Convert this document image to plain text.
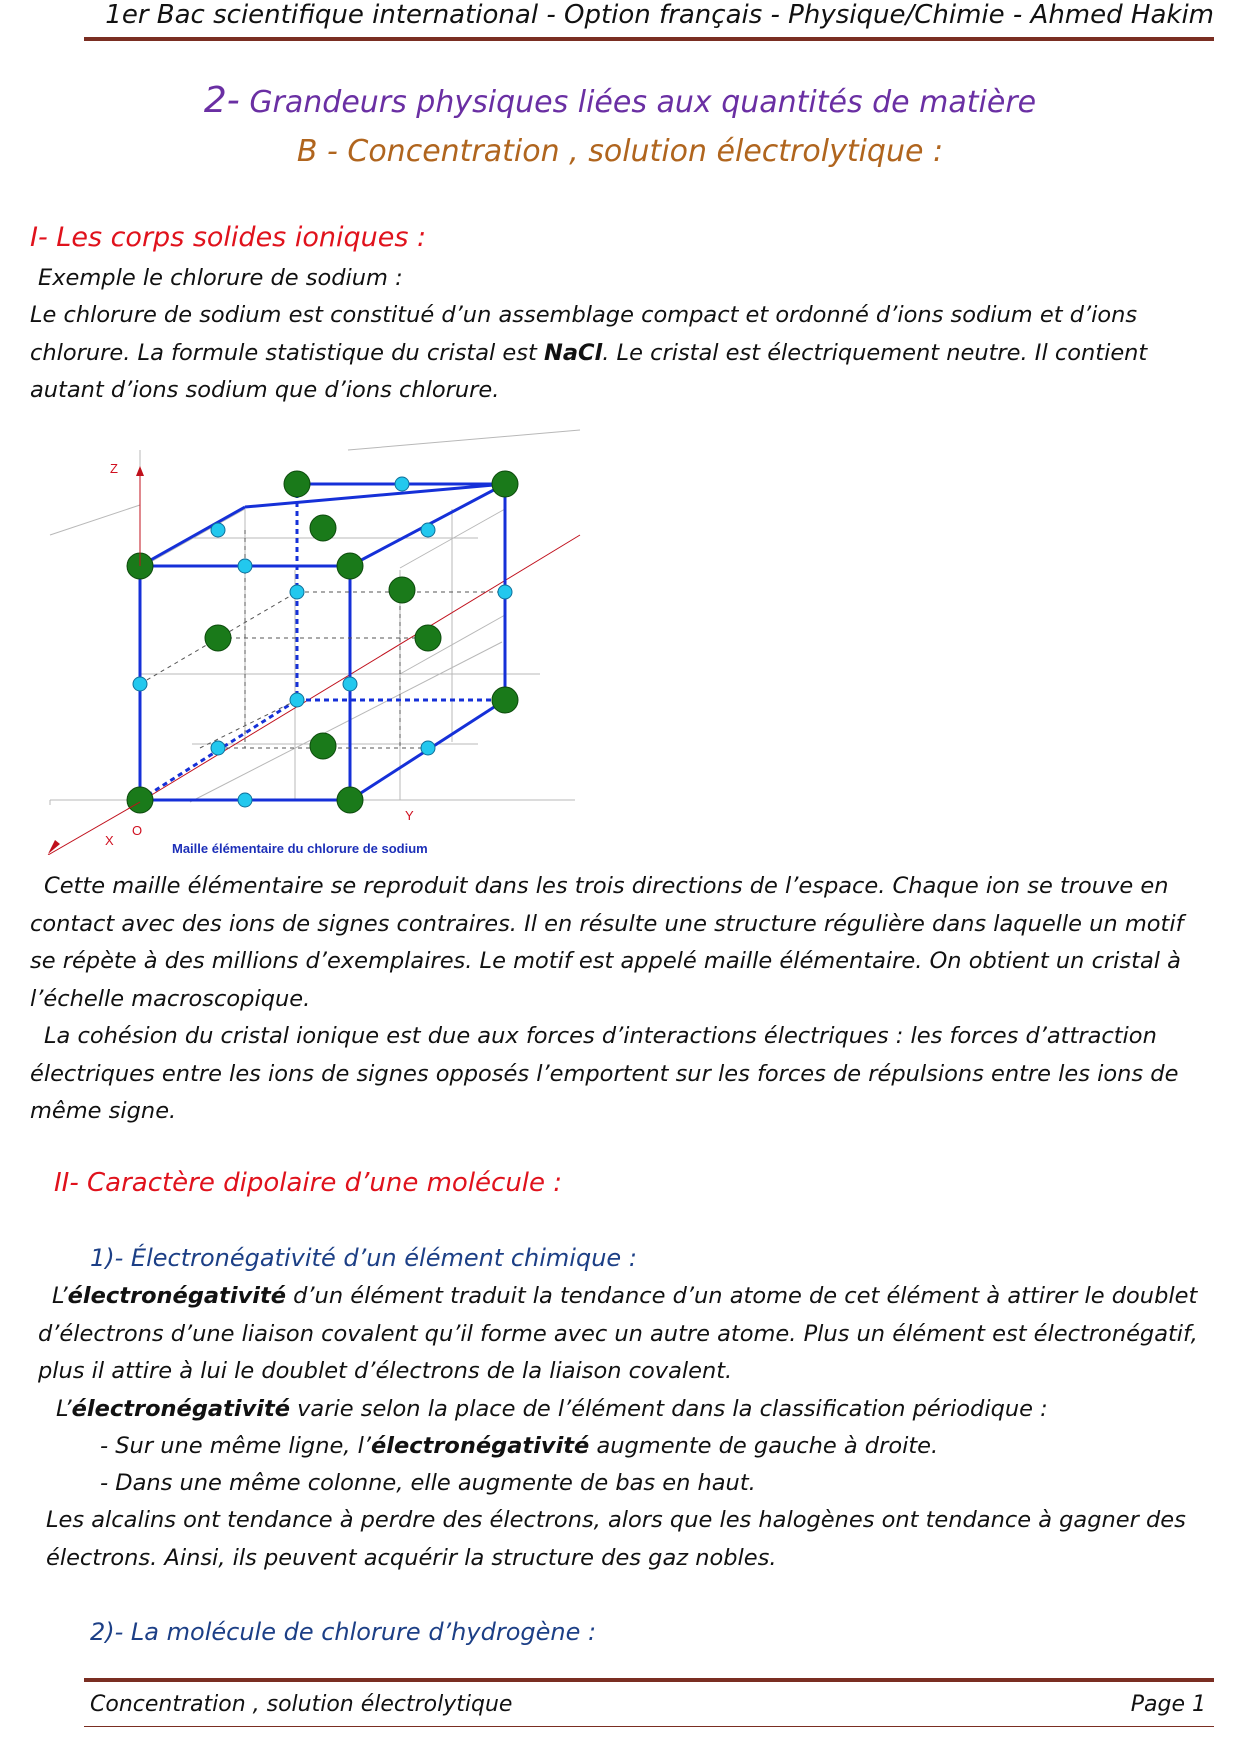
1er Bac scientifique international - Option français - Physique/Chimie - Ahmed Hakim
2- Grandeurs physiques liées aux quantités de matière
B - Concentration , solution électrolytique :
I- Les corps solides ioniques :
Exemple le chlorure de sodium :
Le chlorure de sodium est constitué d’un assemblage compact et ordonné d’ions sodium et d’ions chlorure. La formule statistique du cristal est NaCl. Le cristal est électriquement neutre. Il contient autant d’ions sodium que d’ions chlorure.
Z
O
Y
X
Maille élémentaire du chlorure de sodium
Cette maille élémentaire se reproduit dans les trois directions de l’espace. Chaque ion se trouve en contact avec des ions de signes contraires. Il en résulte une structure régulière dans laquelle un motif se répète à des millions d’exemplaires. Le motif est appelé maille élémentaire. On obtient un cristal à l’échelle macroscopique.
La cohésion du cristal ionique est due aux forces d’interactions électriques : les forces d’attraction électriques entre les ions de signes opposés l’emportent sur les forces de répulsions entre les ions de même signe.
II- Caractère dipolaire d’une molécule :
1)- Électronégativité d’un élément chimique :
L’électronégativité d’un élément traduit la tendance d’un atome de cet élément à attirer le doublet d’électrons d’une liaison covalent qu’il forme avec un autre atome. Plus un élément est électronégatif, plus il attire à lui le doublet d’électrons de la liaison covalent.
L’électronégativité varie selon la place de l’élément dans la classification périodique :
- Sur une même ligne, l’électronégativité augmente de gauche à droite.
- Dans une même colonne, elle augmente de bas en haut.
Les alcalins ont tendance à perdre des électrons, alors que les halogènes ont tendance à gagner des électrons. Ainsi, ils peuvent acquérir la structure des gaz nobles.
2)- La molécule de chlorure d’hydrogène :
Concentration , solution électrolytique	Page 1
